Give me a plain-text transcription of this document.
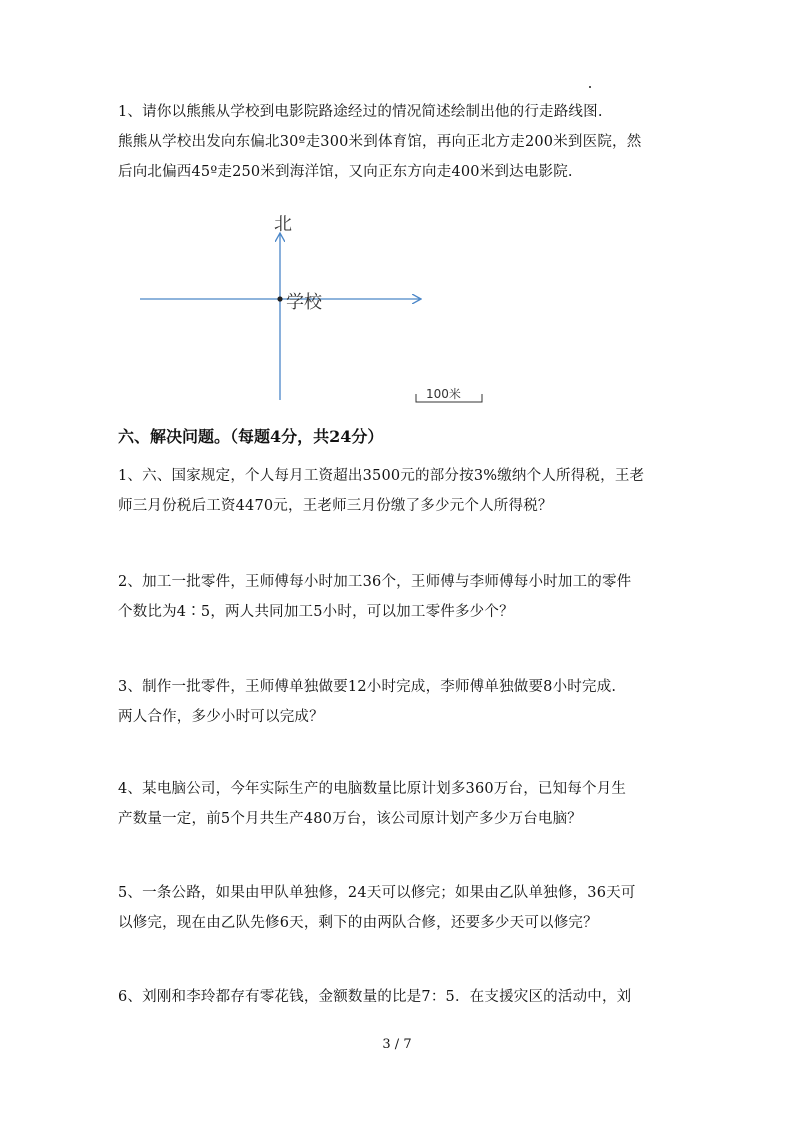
1、请你以熊熊从学校到电影院路途经过的情况简述绘制出他的行走路线图.
熊熊从学校出发向东偏北30º走300米到体育馆，再向正北方走200米到医院，然
后向北偏西45º走250米到海洋馆，又向正东方向走400米到达电影院.
北
学校
100米
六、解决问题。（每题4分，共24分）
1、六、国家规定，个人每月工资超出3500元的部分按3%缴纳个人所得税，王老
师三月份税后工资4470元，王老师三月份缴了多少元个人所得税？
2、加工一批零件，王师傅每小时加工36个，王师傅与李师傅每小时加工的零件
个数比为4∶5，两人共同加工5小时，可以加工零件多少个？
3、制作一批零件，王师傅单独做要12小时完成，李师傅单独做要8小时完成.
两人合作，多少小时可以完成？
4、某电脑公司，今年实际生产的电脑数量比原计划多360万台，已知每个月生
产数量一定，前5个月共生产480万台，该公司原计划产多少万台电脑？
5、一条公路，如果由甲队单独修，24天可以修完；如果由乙队单独修，36天可
以修完，现在由乙队先修6天，剩下的由两队合修，还要多少天可以修完？
6、刘刚和李玲都存有零花钱，金额数量的比是7：5．在支援灾区的活动中，刘
3 / 7
